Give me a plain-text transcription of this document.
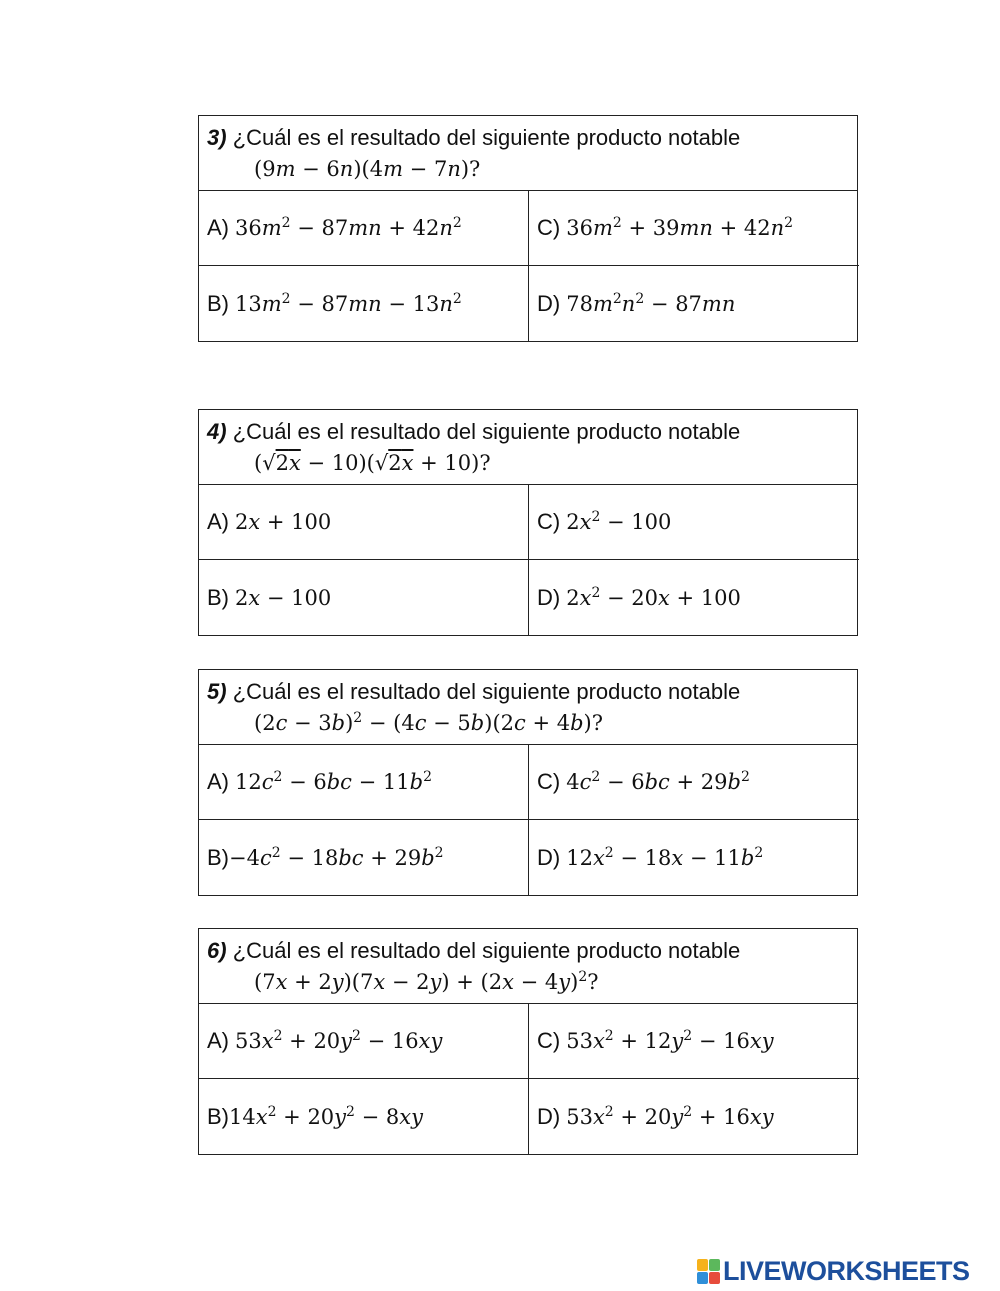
3) ¿Cuál es el resultado del siguiente producto notable
(9m − 6n)(4m − 7n)?
A) $36m^2 - 87mn + 42n^2$	C) $36m^2 + 39mn + 42n^2$
B) $13m^2 - 87mn - 13n^2$	D) $78m^2n^2 - 87mn$
4) ¿Cuál es el resultado del siguiente producto notable
(√2x − 10)(√2x + 10)?
A) 2x + 100	C) $2x^2 - 100$
B) 2x − 100	D) $2x^2 - 20x + 100$
5) ¿Cuál es el resultado del siguiente producto notable
$(2c - 3b)^2 - (4c - 5b)(2c + 4b)$?
A) $12c^2 - 6bc - 11b^2$	C) $4c^2 - 6bc + 29b^2$
$B) -4c^2 - 18bc + 29b^2$	D) $12x^2 - 18x - 11b^2$
6) ¿Cuál es el resultado del siguiente producto notable
$(7x + 2y)(7x - 2y) + (2x - 4y)^2$?
A) $53x^2 + 20y^2 - 16xy$	C) $53x^2 + 12y^2 - 16xy$
B) $14x^2 + 20y^2 - 8xy$	D) $53x^2 + 20y^2 + 16xy$
LIVEWORKSHEETS
